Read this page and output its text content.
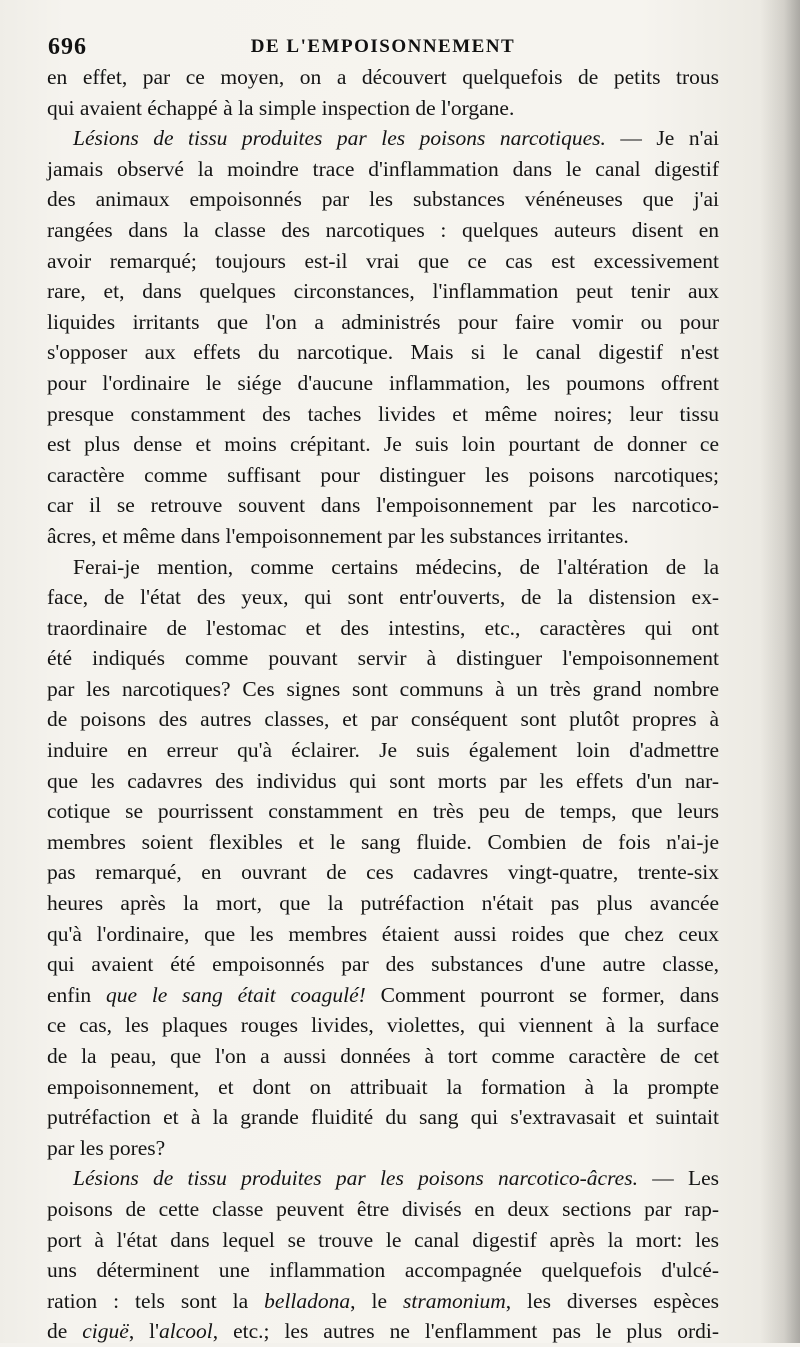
696	DE L'EMPOISONNEMENT
en effet, par ce moyen, on a découvert quelquefois de petits trous
qui avaient échappé à la simple inspection de l'organe.
Lésions de tissu produites par les poisons narcotiques. — Je n'ai
jamais observé la moindre trace d'inflammation dans le canal digestif
des animaux empoisonnés par les substances vénéneuses que j'ai
rangées dans la classe des narcotiques : quelques auteurs disent en
avoir remarqué; toujours est-il vrai que ce cas est excessivement
rare, et, dans quelques circonstances, l'inflammation peut tenir aux
liquides irritants que l'on a administrés pour faire vomir ou pour
s'opposer aux effets du narcotique. Mais si le canal digestif n'est
pour l'ordinaire le siége d'aucune inflammation, les poumons offrent
presque constamment des taches livides et même noires; leur tissu
est plus dense et moins crépitant. Je suis loin pourtant de donner ce
caractère comme suffisant pour distinguer les poisons narcotiques;
car il se retrouve souvent dans l'empoisonnement par les narcotico-
âcres, et même dans l'empoisonnement par les substances irritantes.
Ferai-je mention, comme certains médecins, de l'altération de la
face, de l'état des yeux, qui sont entr'ouverts, de la distension ex-
traordinaire de l'estomac et des intestins, etc., caractères qui ont
été indiqués comme pouvant servir à distinguer l'empoisonnement
par les narcotiques? Ces signes sont communs à un très grand nombre
de poisons des autres classes, et par conséquent sont plutôt propres à
induire en erreur qu'à éclairer. Je suis également loin d'admettre
que les cadavres des individus qui sont morts par les effets d'un nar-
cotique se pourrissent constamment en très peu de temps, que leurs
membres soient flexibles et le sang fluide. Combien de fois n'ai-je
pas remarqué, en ouvrant de ces cadavres vingt-quatre, trente-six
heures après la mort, que la putréfaction n'était pas plus avancée
qu'à l'ordinaire, que les membres étaient aussi roides que chez ceux
qui avaient été empoisonnés par des substances d'une autre classe,
enfin que le sang était coagulé! Comment pourront se former, dans
ce cas, les plaques rouges livides, violettes, qui viennent à la surface
de la peau, que l'on a aussi données à tort comme caractère de cet
empoisonnement, et dont on attribuait la formation à la prompte
putréfaction et à la grande fluidité du sang qui s'extravasait et suintait
par les pores?
Lésions de tissu produites par les poisons narcotico-âcres. — Les
poisons de cette classe peuvent être divisés en deux sections par rap-
port à l'état dans lequel se trouve le canal digestif après la mort: les
uns déterminent une inflammation accompagnée quelquefois d'ulcé-
ration : tels sont la belladona, le stramonium, les diverses espèces
de ciguë, l'alcool, etc.; les autres ne l'enflamment pas le plus ordi-
